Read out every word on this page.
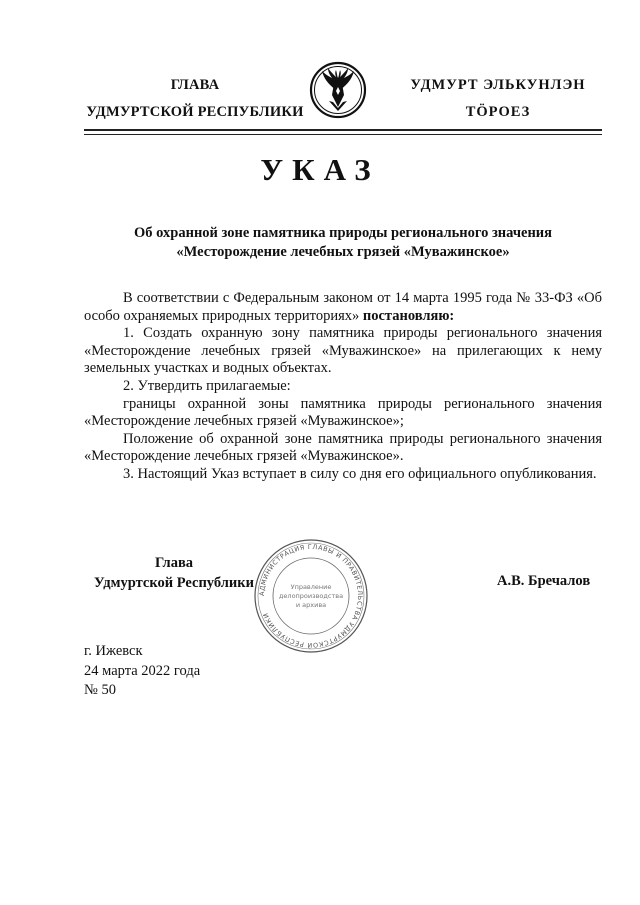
ГЛАВА
УДМУРТСКОЙ РЕСПУБЛИКИ
УДМУРТ ЭЛЬКУНЛЭН
ТӦРОЕЗ
УКАЗ
Об охранной зоне памятника природы регионального значения
«Месторождение лечебных грязей «Муважинское»

В соответствии с Федеральным законом от 14 марта 1995 года № 33-ФЗ «Об особо охраняемых природных территориях» постановляю:

1. Создать охранную зону памятника природы регионального значения «Месторождение лечебных грязей «Муважинское» на прилегающих к нему земельных участках и водных объектах.

2. Утвердить прилагаемые:

границы охранной зоны памятника природы регионального значения «Месторождение лечебных грязей «Муважинское»;

Положение об охранной зоне памятника природы регионального значения «Месторождение лечебных грязей «Муважинское».

3. Настоящий Указ вступает в силу со дня его официального опубликования.

Глава
Удмуртской Республики
АДМИНИСТРАЦИЯ ГЛАВЫ И ПРАВИТЕЛЬСТВА УДМУРТСКОЙ РЕСПУБЛИКИ
Управление
делопроизводства
и архива
А.В. Бречалов
г. Ижевск
24 марта 2022 года
№ 50
